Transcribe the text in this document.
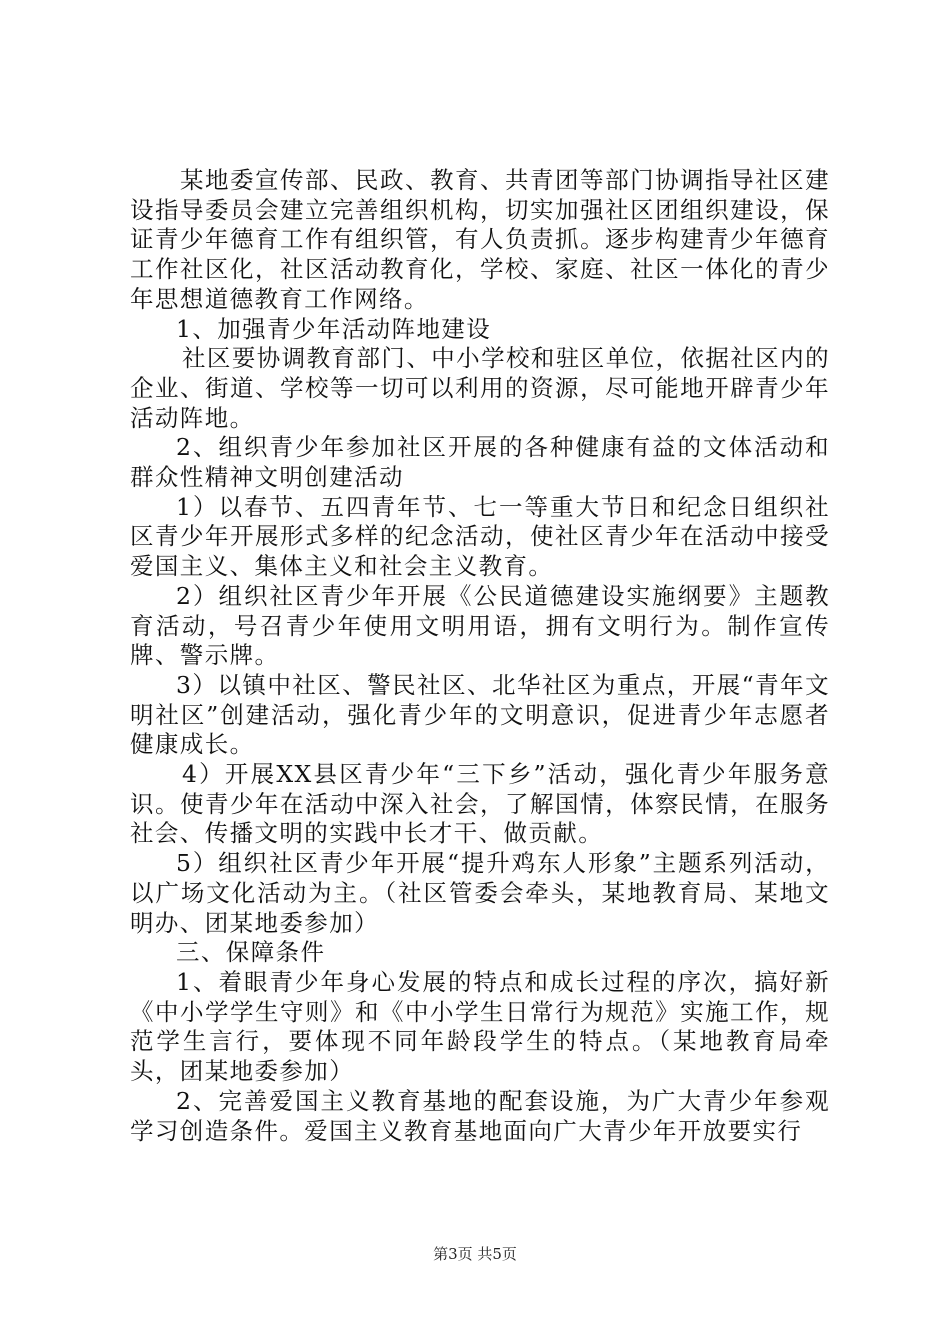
某地委宣传部、民政、教育、共青团等部门协调指导社区建设指导委员会建立完善组织机构，切实加强社区团组织建设，保证青少年德育工作有组织管，有人负责抓。逐步构建青少年德育工作社区化，社区活动教育化，学校、家庭、社区一体化的青少年思想道德教育工作网络。

1、加强青少年活动阵地建设

社区要协调教育部门、中小学校和驻区单位，依据社区内的企业、街道、学校等一切可以利用的资源，尽可能地开辟青少年活动阵地。

2、组织青少年参加社区开展的各种健康有益的文体活动和群众性精神文明创建活动

1）以春节、五四青年节、七一等重大节日和纪念日组织社区青少年开展形式多样的纪念活动，使社区青少年在活动中接受爱国主义、集体主义和社会主义教育。

2）组织社区青少年开展《公民道德建设实施纲要》主题教育活动，号召青少年使用文明用语，拥有文明行为。制作宣传牌、警示牌。

3）以镇中社区、警民社区、北华社区为重点，开展“青年文明社区”创建活动，强化青少年的文明意识，促进青少年志愿者健康成长。

4）开展XX县区青少年“三下乡”活动，强化青少年服务意识。使青少年在活动中深入社会，了解国情，体察民情，在服务社会、传播文明的实践中长才干、做贡献。

5）组织社区青少年开展“提升鸡东人形象”主题系列活动，以广场文化活动为主。（社区管委会牵头，某地教育局、某地文明办、团某地委参加）

三、保障条件

1、着眼青少年身心发展的特点和成长过程的序次，搞好新《中小学学生守则》和《中小学生日常行为规范》实施工作，规范学生言行，要体现不同年龄段学生的特点。（某地教育局牵头，团某地委参加）

2、完善爱国主义教育基地的配套设施，为广大青少年参观学习创造条件。爱国主义教育基地面向广大青少年开放要实行

第3页 共5页
